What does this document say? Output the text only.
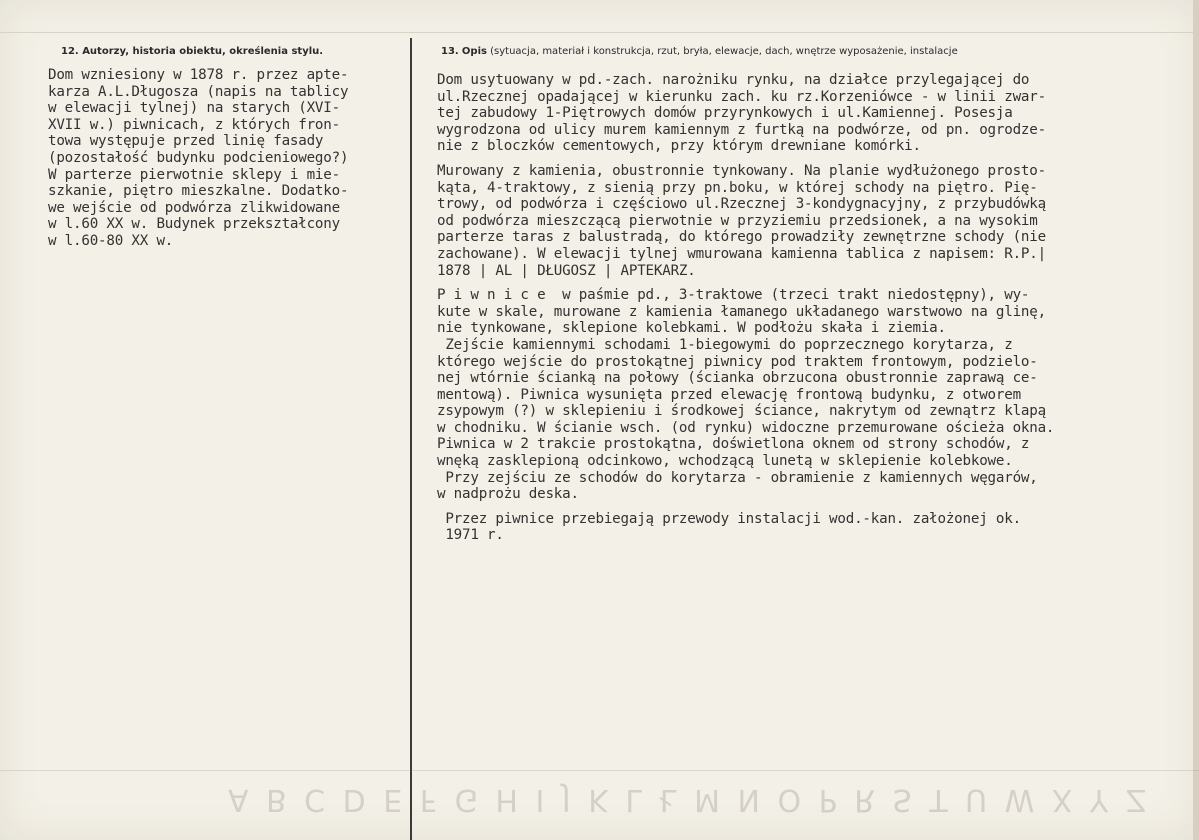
12. Autorzy, historia obiektu, określenia stylu.	13. Opis (sytuacja, materiał i konstrukcja, rzut, bryła, elewacje, dach, wnętrze wyposażenie, instalacje
Dom wzniesiony w 1878 r. przez apte-
karza A.L.Długosza (napis na tablicy
w elewacji tylnej) na starych (XVI-
XVII w.) piwnicach, z których fron-
towa występuje przed linię fasady
(pozostałość budynku podcieniowego?)
W parterze pierwotnie sklepy i mie-
szkanie, piętro mieszkalne. Dodatko-
we wejście od podwórza zlikwidowane
w l.60 XX w. Budynek przekształcony
w l.60-80 XX w.
Dom usytuowany w pd.-zach. narożniku rynku, na działce przylegającej do
ul.Rzecznej opadającej w kierunku zach. ku rz.Korzeniówce - w linii zwar-
tej zabudowy 1-Piętrowych domów przyrynkowych i ul.Kamiennej. Posesja
wygrodzona od ulicy murem kamiennym z furtką na podwórze, od pn. ogrodze-
nie z bloczków cementowych, przy którym drewniane komórki.
Murowany z kamienia, obustronnie tynkowany. Na planie wydłużonego prosto-
kąta, 4-traktowy, z sienią przy pn.boku, w której schody na piętro. Pię-
trowy, od podwórza i częściowo ul.Rzecznej 3-kondygnacyjny, z przybudówką
od podwórza mieszczącą pierwotnie w przyziemiu przedsionek, a na wysokim
parterze taras z balustradą, do którego prowadziły zewnętrzne schody (nie
zachowane). W elewacji tylnej wmurowana kamienna tablica z napisem: R.P.|
1878 | AL | DŁUGOSZ | APTEKARZ.
P i w n i c e  w paśmie pd., 3-traktowe (trzeci trakt niedostępny), wy-
kute w skale, murowane z kamienia łamanego układanego warstwowo na glinę,
nie tynkowane, sklepione kolebkami. W podłożu skała i ziemia.
Zejście kamiennymi schodami 1-biegowymi do poprzecznego korytarza, z
którego wejście do prostokątnej piwnicy pod traktem frontowym, podzielo-
nej wtórnie ścianką na połowy (ścianka obrzucona obustronnie zaprawą ce-
mentową). Piwnica wysunięta przed elewację frontową budynku, z otworem
zsypowym (?) w sklepieniu i środkowej ściance, nakrytym od zewnątrz klapą
w chodniku. W ścianie wsch. (od rynku) widoczne przemurowane ościeża okna.
Piwnica w 2 trakcie prostokątna, doświetlona oknem od strony schodów, z
wnęką zasklepioną odcinkowo, wchodzącą lunetą w sklepienie kolebkowe.
Przy zejściu ze schodów do korytarza - obramienie z kamiennych węgarów,
w nadprożu deska.
Przez piwnice przebiegają przewody instalacji wod.-kan. założonej ok.
1971 r.
A B C D E F G H I J K L Ł M N O P R S T U W X Y Z
